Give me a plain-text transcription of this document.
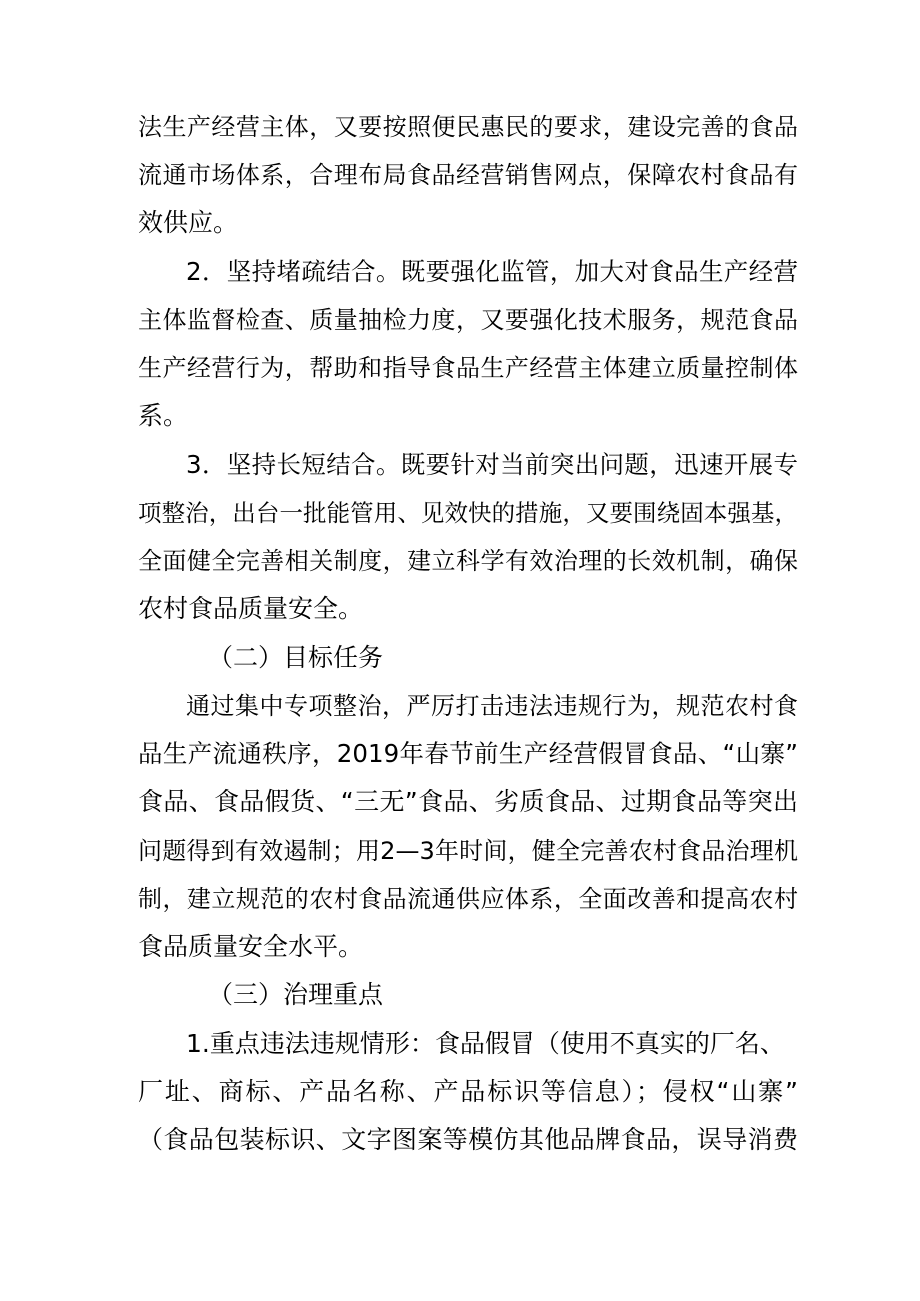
法生产经营主体，又要按照便民惠民的要求，建设完善的食品
流通市场体系，合理布局食品经营销售网点，保障农村食品有
效供应。
2．坚持堵疏结合。既要强化监管，加大对食品生产经营
主体监督检查、质量抽检力度，又要强化技术服务，规范食品
生产经营行为，帮助和指导食品生产经营主体建立质量控制体
系。
3．坚持长短结合。既要针对当前突出问题，迅速开展专
项整治，出台一批能管用、见效快的措施，又要围绕固本强基，
全面健全完善相关制度，建立科学有效治理的长效机制，确保
农村食品质量安全。
（二）目标任务
通过集中专项整治，严厉打击违法违规行为，规范农村食
品生产流通秩序，2019年春节前生产经营假冒食品、“山寨”
食品、食品假货、“三无”食品、劣质食品、过期食品等突出
问题得到有效遏制；用2—3年时间，健全完善农村食品治理机
制，建立规范的农村食品流通供应体系，全面改善和提高农村
食品质量安全水平。
（三）治理重点
1.重点违法违规情形：食品假冒（使用不真实的厂名、
厂址、商标、产品名称、产品标识等信息）；侵权“山寨”
（食品包装标识、文字图案等模仿其他品牌食品，误导消费
